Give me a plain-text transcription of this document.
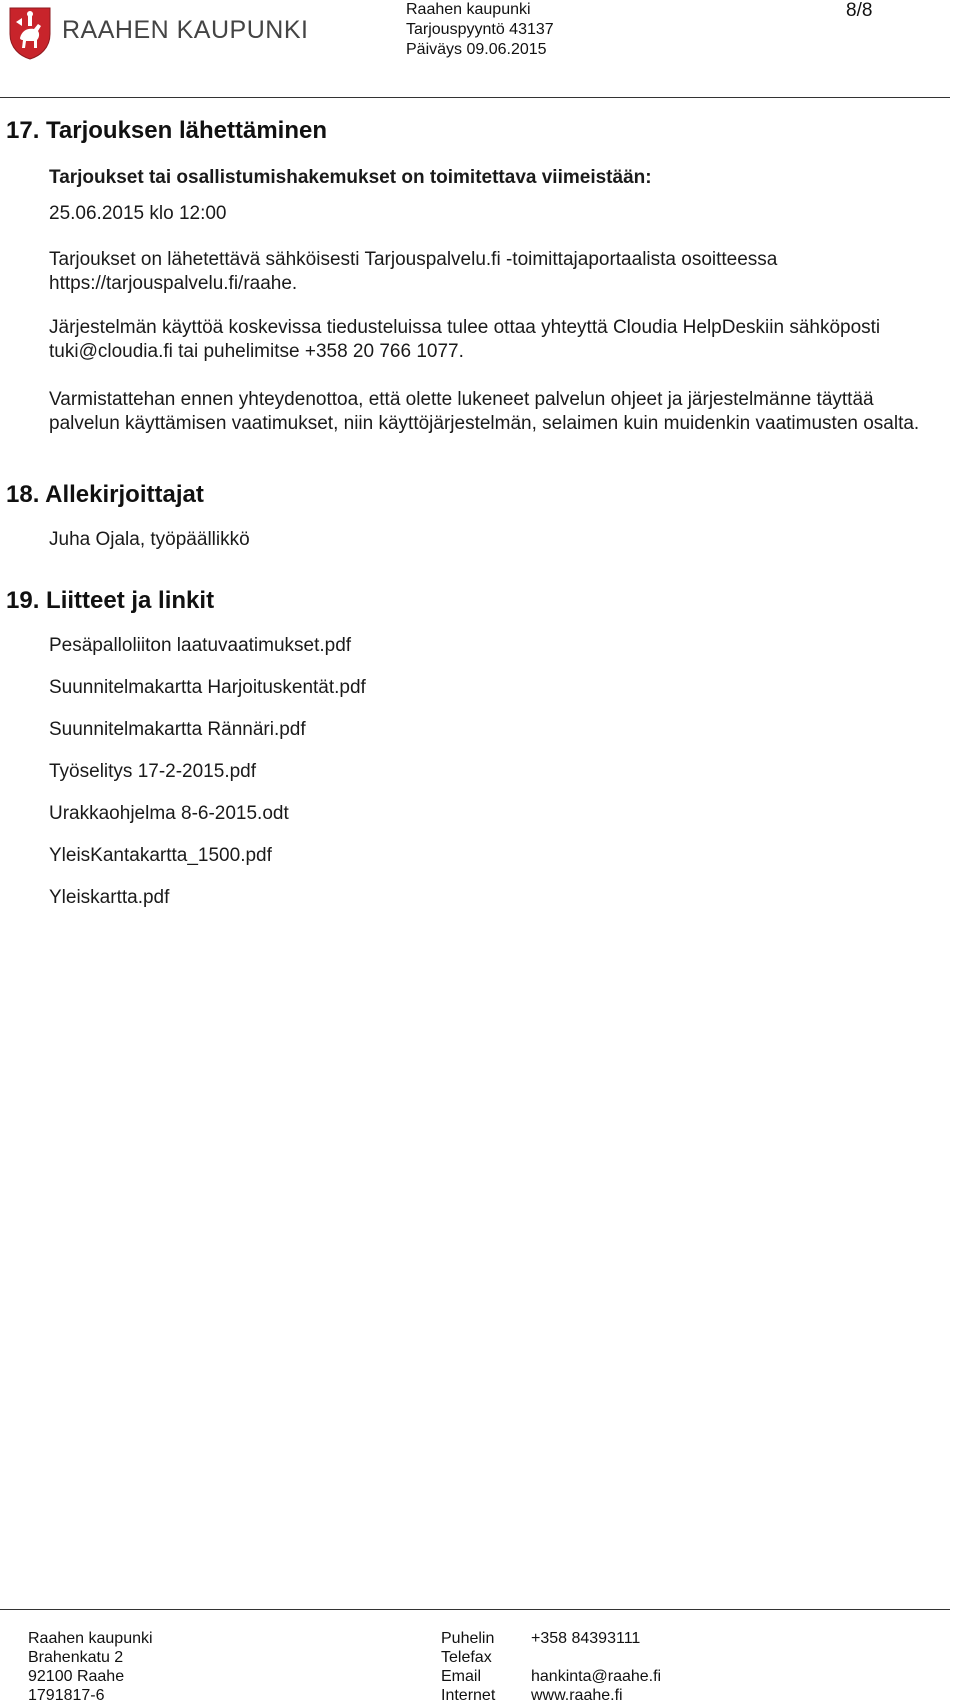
RAAHEN KAUPUNKI
Raahen kaupunki
Tarjouspyyntö 43137
Päiväys 09.06.2015
8/8
17. Tarjouksen lähettäminen
Tarjoukset tai osallistumishakemukset on toimitettava viimeistään:
25.06.2015 klo 12:00
Tarjoukset on lähetettävä sähköisesti Tarjouspalvelu.fi -toimittajaportaalista osoitteessa https://tarjouspalvelu.fi/raahe.
Järjestelmän käyttöä koskevissa tiedusteluissa tulee ottaa yhteyttä Cloudia HelpDeskiin sähköposti tuki@cloudia.fi tai puhelimitse +358 20 766 1077.
Varmistattehan ennen yhteydenottoa, että olette lukeneet palvelun ohjeet ja järjestelmänne täyttää palvelun käyttämisen vaatimukset, niin käyttöjärjestelmän, selaimen kuin muidenkin vaatimusten osalta.
18. Allekirjoittajat
Juha Ojala, työpäällikkö
19. Liitteet ja linkit
Pesäpalloliiton laatuvaatimukset.pdf
Suunnitelmakartta Harjoituskentät.pdf
Suunnitelmakartta Rännäri.pdf
Työselitys 17-2-2015.pdf
Urakkaohjelma 8-6-2015.odt
YleisKantakartta_1500.pdf
Yleiskartta.pdf
Raahen kaupunki
Brahenkatu 2
92100 Raahe
1791817-6
Puhelin
Telefax
Email
Internet
+358 84393111

hankinta@raahe.fi
www.raahe.fi
